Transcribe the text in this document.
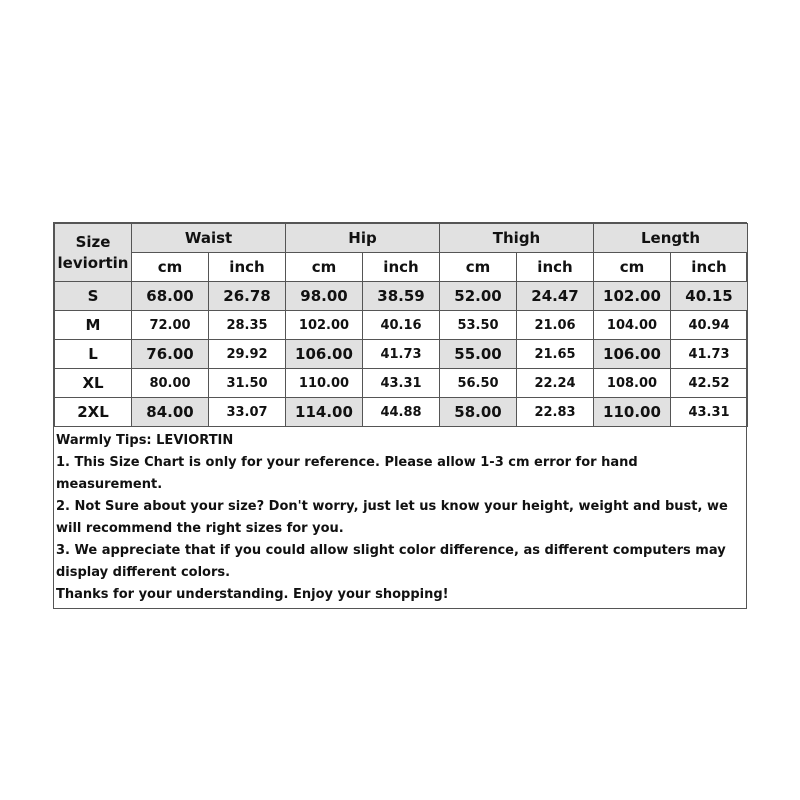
Size
leviortin	Waist		Hip		Thigh		Length	
	cm	inch	cm	inch	cm	inch	cm	inch
S	68.00	26.78	98.00	38.59	52.00	24.47	102.00	40.15
M	72.00	28.35	102.00	40.16	53.50	21.06	104.00	40.94
L	76.00	29.92	106.00	41.73	55.00	21.65	106.00	41.73
XL	80.00	31.50	110.00	43.31	56.50	22.24	108.00	42.52
2XL	84.00	33.07	114.00	44.88	58.00	22.83	110.00	43.31
Warmly Tips: LEVIORTIN
1. This Size Chart is only for your reference. Please allow 1-3 cm error for hand measurement.
2. Not Sure about your size? Don't worry, just let us know your height, weight and bust, we will recommend the right sizes for you.
3. We appreciate that if you could allow slight color difference, as different computers may display different colors.
Thanks for your understanding. Enjoy your shopping!
